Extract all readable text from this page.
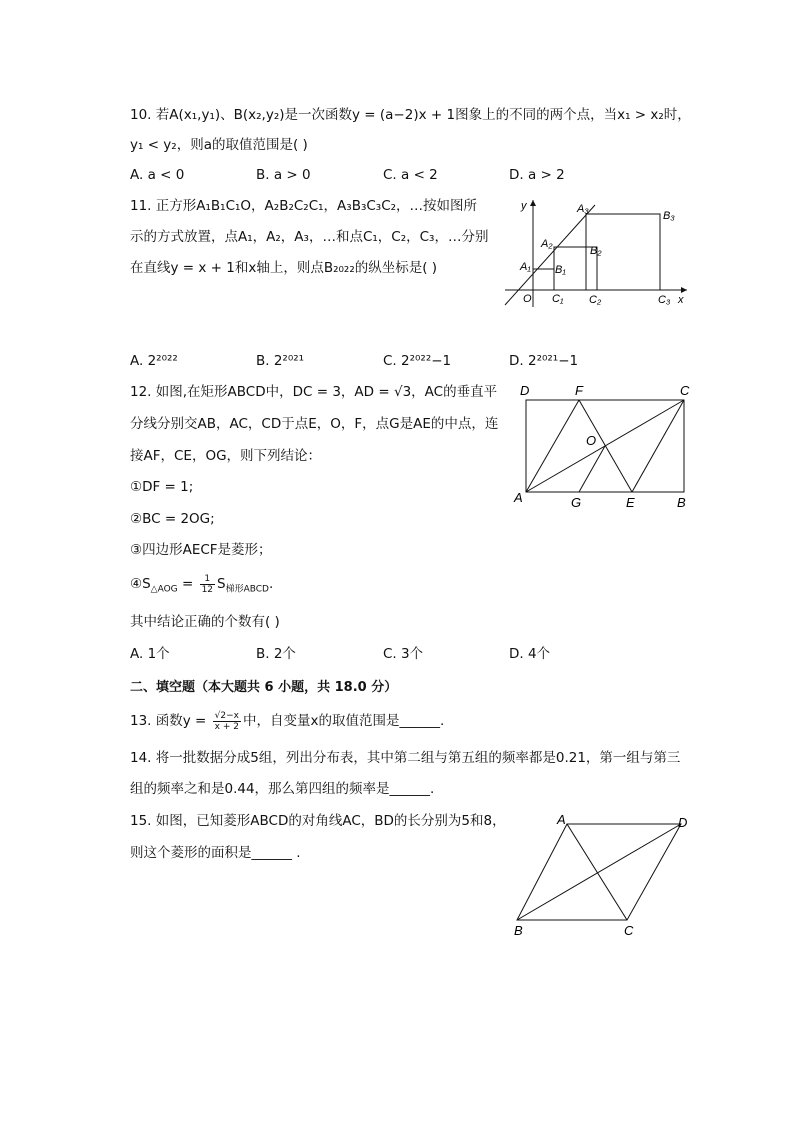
10. 若A(x₁,y₁)、B(x₂,y₂)是一次函数y = (a−2)x + 1图象上的不同的两个点，当x₁ > x₂时，
y₁ < y₂，则a的取值范围是( )
A. a < 0	B. a > 0	C. a < 2	D. a > 2
11. 正方形A₁B₁C₁O，A₂B₂C₂C₁，A₃B₃C₃C₂，…按如图所
示的方式放置，点A₁，A₂，A₃，…和点C₁，C₂，C₃，…分别
在直线y = x + 1和x轴上，则点B₂₀₂₂的纵坐标是( )
y
x
O
A₁
A₂
A₃
B₁
B₂
B₃
C₁ C₂	C₃
A. 2²⁰²²	B. 2²⁰²¹	C. 2²⁰²²−1	D. 2²⁰²¹−1
12. 如图,在矩形ABCD中，DC = 3，AD = √3，AC的垂直平
分线分别交AB，AC，CD于点E，O，F，点G是AE的中点，连
接AF，CE，OG，则下列结论：
①DF = 1;
②BC = 2OG;
③四边形AECF是菱形；
$④S_{\triangle AOG} = \frac{1}{12} S_{梯形ABCD}$.
D	F	C
O
A	G	E	B
其中结论正确的个数有( )
A. 1个	B. 2个	C. 3个	D. 4个
二、填空题（本大题共 6 小题，共 18.0 分）
13. 函数$y = \frac{√2-x}{x + 2}$ 中，自变量x的取值范围是______.
14. 将一批数据分成5组，列出分布表，其中第二组与第五组的频率都是0.21，第一组与第三
组的频率之和是0.44，那么第四组的频率是______.
15. 如图，已知菱形ABCD的对角线AC，BD的长分别为5和8，
则这个菱形的面积是______ .
A	D
B	C
